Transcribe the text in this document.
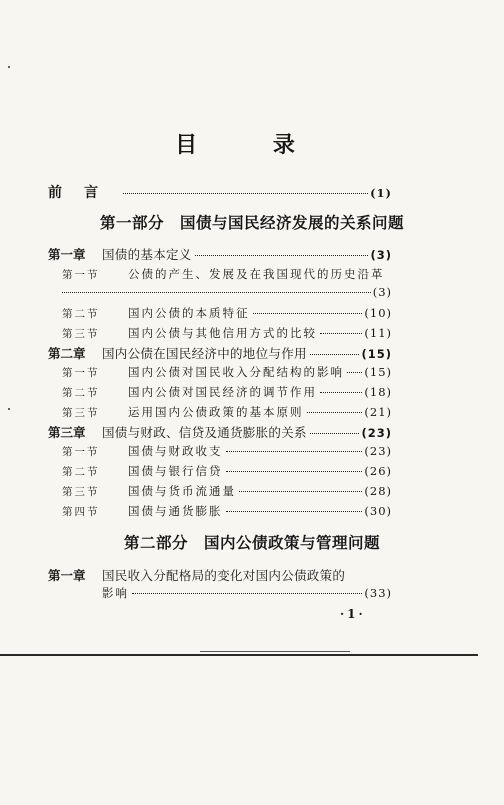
目 录
前言	(1)
第一部分　国债与国民经济发展的关系问题
第一章	国债的基本定义	(3)
第一节	公债的产生、发展及在我国现代的历史沿革
(3)
第二节	国内公债的本质特征	(10)
第三节	国内公债与其他信用方式的比较	(11)
第二章	国内公债在国民经济中的地位与作用	(15)
第一节	国内公债对国民收入分配结构的影响 (15)
第二节	国内公债对国民经济的调节作用	(18)
第三节	运用国内公债政策的基本原则	(21)
第三章	国债与财政、信贷及通货膨胀的关系	(23)
第一节	国债与财政收支	(23)
第二节	国债与银行信贷	(26)
第三节	国债与货币流通量	(28)
第四节	国债与通货膨胀	(30)
第二部分　国内公债政策与管理问题
第一章	国民收入分配格局的变化对国内公债政策的
影响	(33)
·1·
